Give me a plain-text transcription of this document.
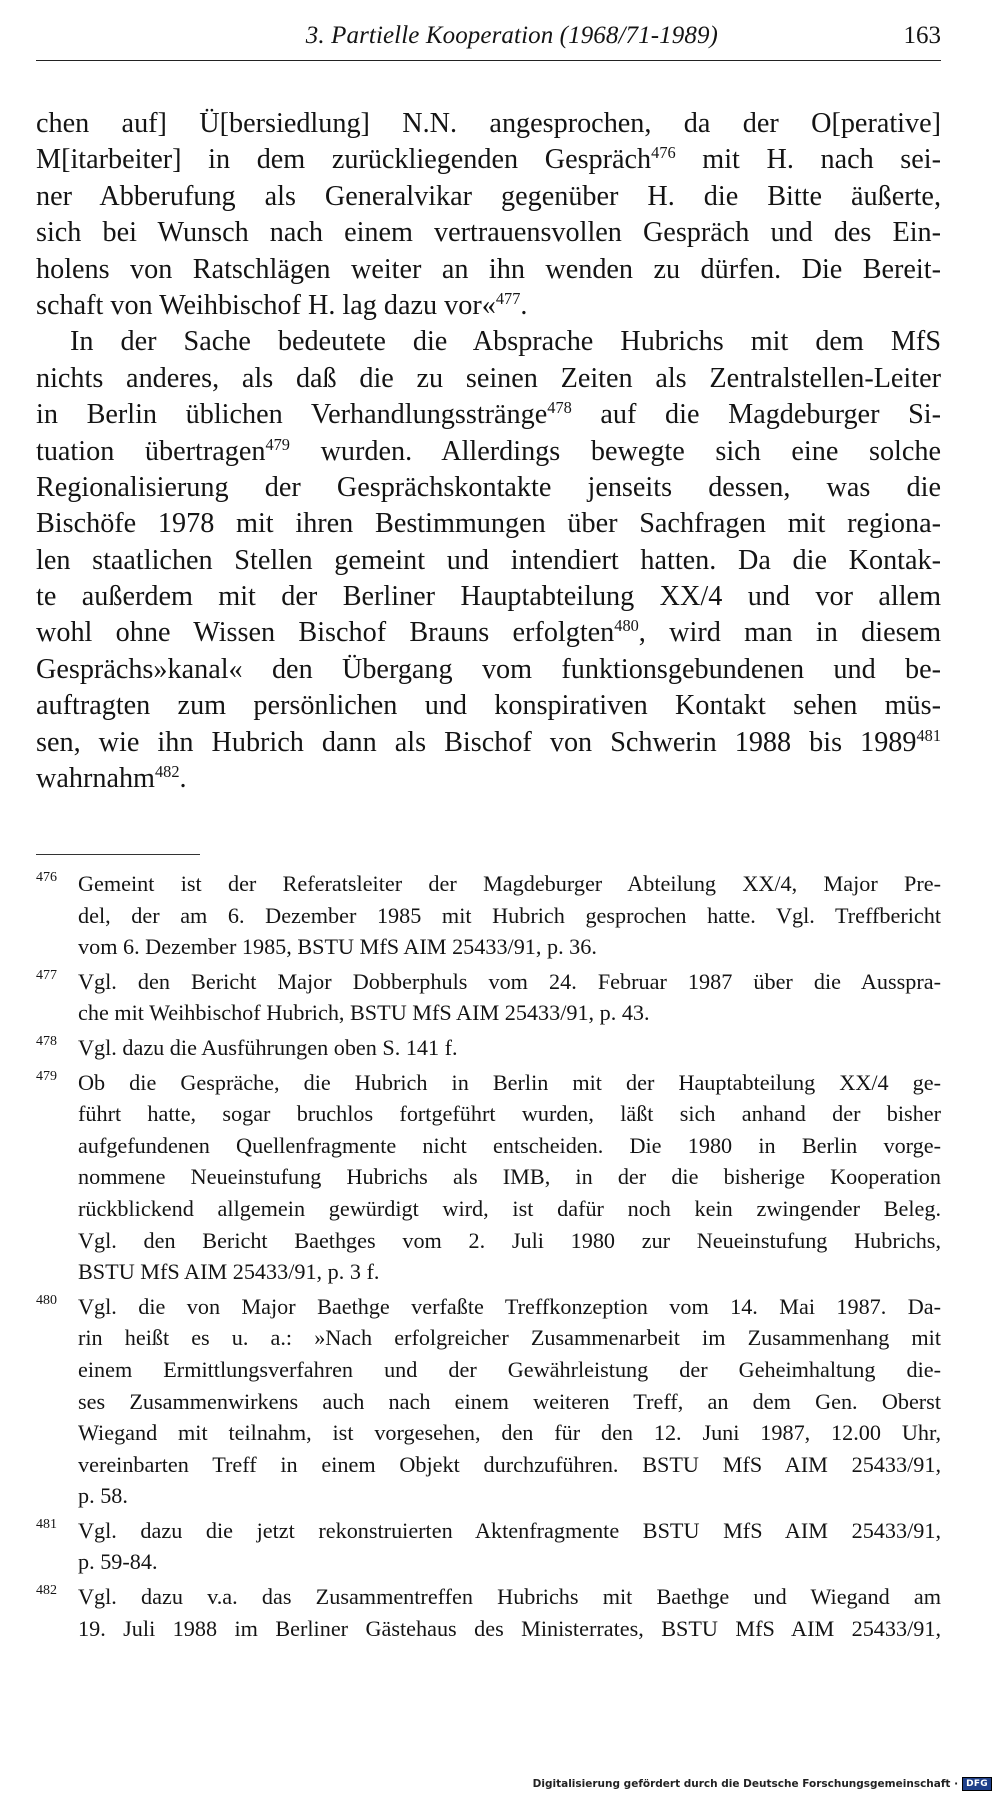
3. Partielle Kooperation (1968/71-1989)	163

chen auf] Ü[bersiedlung] N.N. angesprochen, da der O[perative]
M[itarbeiter] in dem zurückliegenden Gespräch$^{476}$ mit H. nach sei-
ner Abberufung als Generalvikar gegenüber H. die Bitte äußerte,
sich bei Wunsch nach einem vertrauensvollen Gespräch und des Ein-
holens von Ratschlägen weiter an ihn wenden zu dürfen. Die Bereit-
schaft von Weihbischof H. lag dazu vor«$^{477}$.

In der Sache bedeutete die Absprache Hubrichs mit dem MfS
nichts anderes, als daß die zu seinen Zeiten als Zentralstellen-Leiter
in Berlin üblichen Verhandlungsstränge$^{478}$ auf die Magdeburger Si-
tuation übertragen$^{479}$ wurden. Allerdings bewegte sich eine solche
Regionalisierung der Gesprächskontakte jenseits dessen, was die
Bischöfe 1978 mit ihren Bestimmungen über Sachfragen mit regiona-
len staatlichen Stellen gemeint und intendiert hatten. Da die Kontak-
te außerdem mit der Berliner Hauptabteilung XX/4 und vor allem
wohl ohne Wissen Bischof Brauns erfolgten$^{480}$, wird man in diesem
Gesprächs»kanal« den Übergang vom funktionsgebundenen und be-
auftragten zum persönlichen und konspirativen Kontakt sehen müs-
sen, wie ihn Hubrich dann als Bischof von Schwerin 1988 bis 1989$^{481}$
wahrnahm$^{482}$.

476 Gemeint ist der Referatsleiter der Magdeburger Abteilung XX/4, Major Pre-
del, der am 6. Dezember 1985 mit Hubrich gesprochen hatte. Vgl. Treffbericht
vom 6. Dezember 1985, BSTU MfS AIM 25433/91, p. 36.
477 Vgl. den Bericht Major Dobberphuls vom 24. Februar 1987 über die Ausspra-
che mit Weihbischof Hubrich, BSTU MfS AIM 25433/91, p. 43.
478 Vgl. dazu die Ausführungen oben S. 141 f.
479 Ob die Gespräche, die Hubrich in Berlin mit der Hauptabteilung XX/4 ge-
führt hatte, sogar bruchlos fortgeführt wurden, läßt sich anhand der bisher
aufgefundenen Quellenfragmente nicht entscheiden. Die 1980 in Berlin vorge-
nommene Neueinstufung Hubrichs als IMB, in der die bisherige Kooperation
rückblickend allgemein gewürdigt wird, ist dafür noch kein zwingender Beleg.
Vgl. den Bericht Baethges vom 2. Juli 1980 zur Neueinstufung Hubrichs,
BSTU MfS AIM 25433/91, p. 3 f.
480 Vgl. die von Major Baethge verfaßte Treffkonzeption vom 14. Mai 1987. Da-
rin heißt es u. a.: »Nach erfolgreicher Zusammenarbeit im Zusammenhang mit
einem Ermittlungsverfahren und der Gewährleistung der Geheimhaltung die-
ses Zusammenwirkens auch nach einem weiteren Treff, an dem Gen. Oberst
Wiegand mit teilnahm, ist vorgesehen, den für den 12. Juni 1987, 12.00 Uhr,
vereinbarten Treff in einem Objekt durchzuführen. BSTU MfS AIM 25433/91,
p. 58.
481 Vgl. dazu die jetzt rekonstruierten Aktenfragmente BSTU MfS AIM 25433/91,
p. 59-84.
482 Vgl. dazu v.a. das Zusammentreffen Hubrichs mit Baethge und Wiegand am
19. Juli 1988 im Berliner Gästehaus des Ministerrates, BSTU MfS AIM 25433/91,
Digitalisierung gefördert durch die Deutsche Forschungsgemeinschaft · DFG
